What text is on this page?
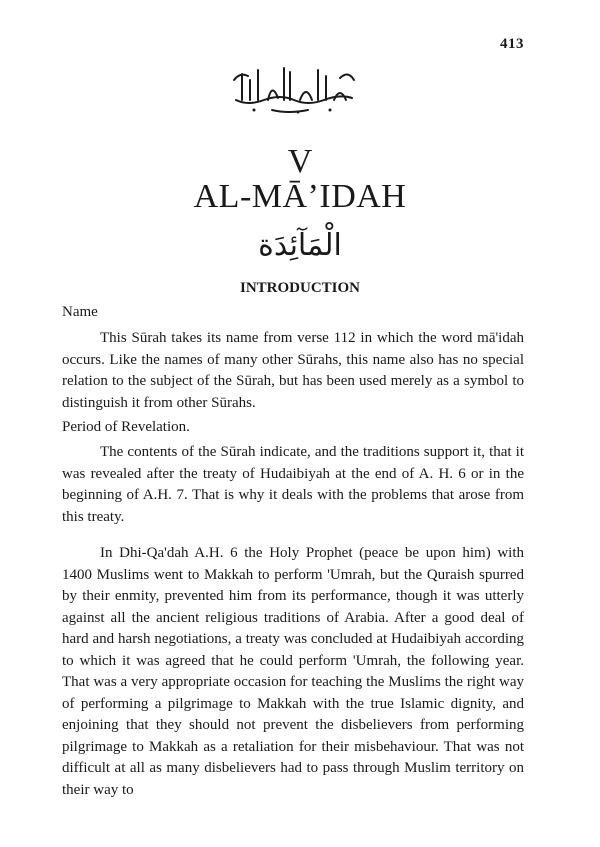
413
V
AL-MĀ’IDAH
الْمَآئِدَة
INTRODUCTION
Name
This Sūrah takes its name from verse 112 in which the word mā'idah occurs. Like the names of many other Sūrahs, this name also has no special relation to the subject of the Sūrah, but has been used merely as a symbol to distinguish it from other Sūrahs.
Period of Revelation.
The contents of the Sūrah indicate, and the traditions support it, that it was revealed after the treaty of Hudaibiyah at the end of A. H. 6 or in the beginning of A.H. 7. That is why it deals with the problems that arose from this treaty.
In Dhi-Qa'dah A.H. 6 the Holy Prophet (peace be upon him) with 1400 Muslims went to Makkah to perform 'Umrah, but the Quraish spurred by their enmity, prevented him from its performance, though it was utterly against all the ancient religious traditions of Arabia. After a good deal of hard and harsh negotiations, a treaty was concluded at Hudaibiyah according to which it was agreed that he could perform 'Umrah, the following year. That was a very appropriate occasion for teaching the Muslims the right way of performing a pilgrimage to Makkah with the true Islamic dignity, and enjoining that they should not prevent the disbelievers from performing pilgrimage to Makkah as a retaliation for their misbehaviour. That was not difficult at all as many disbelievers had to pass through Muslim territory on their way to
